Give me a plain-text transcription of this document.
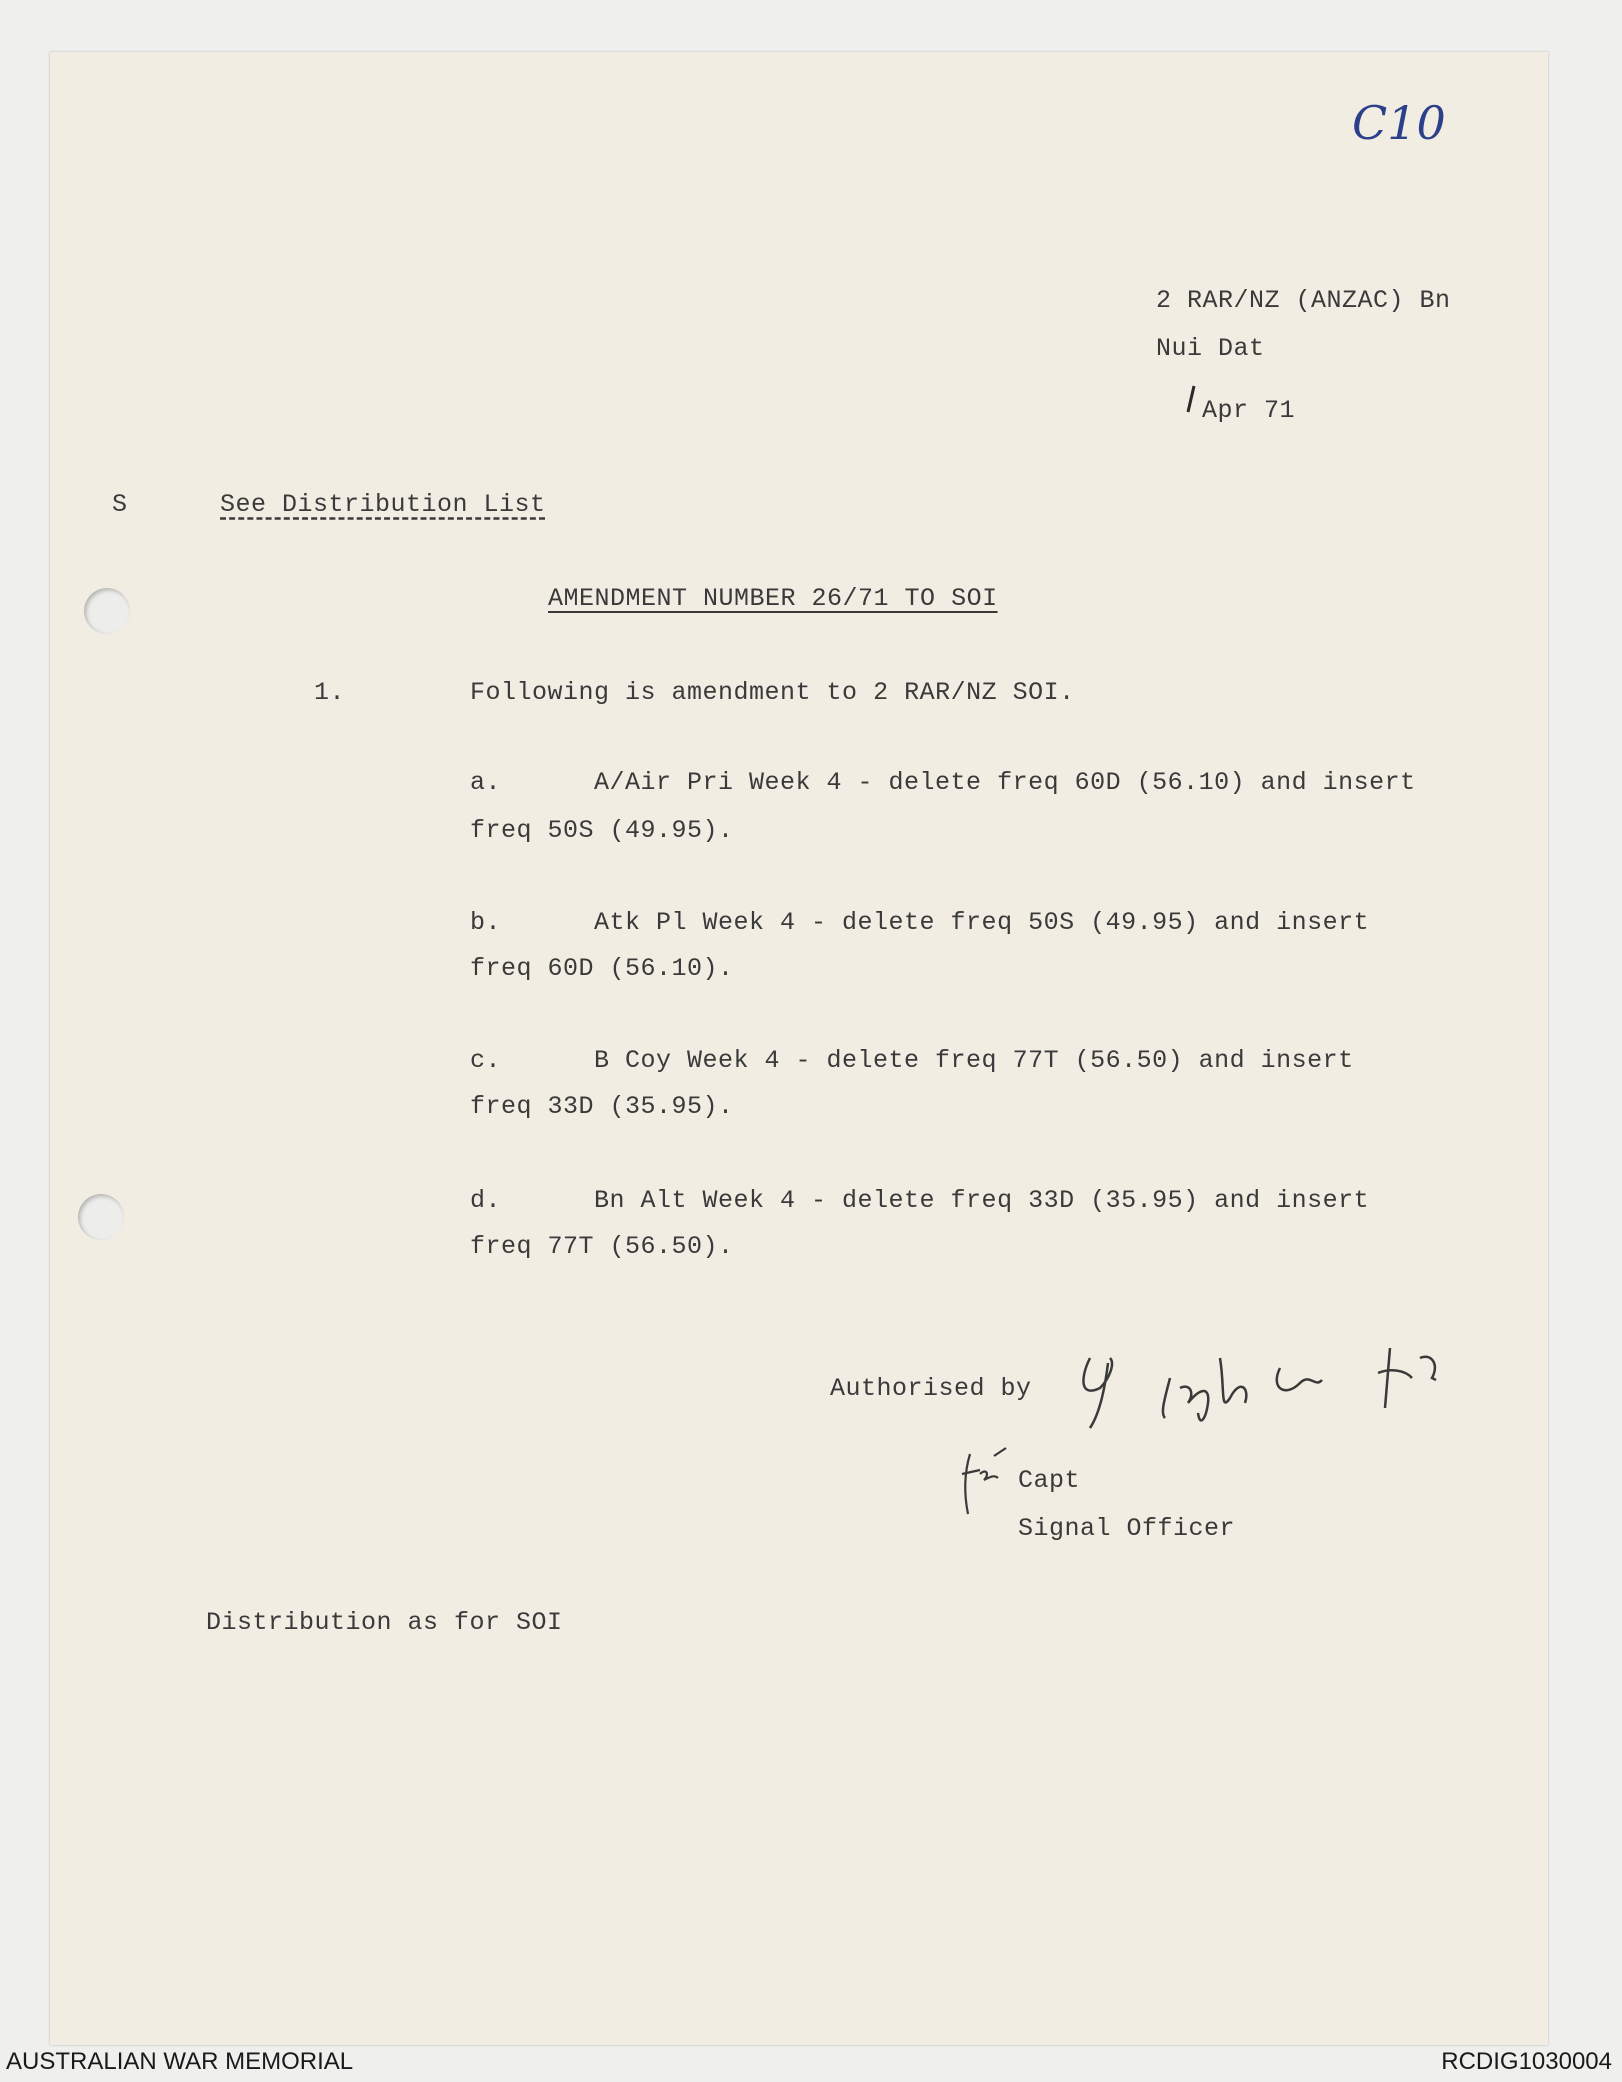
C10
2 RAR/NZ (ANZAC) Bn
Nui Dat
Apr 71
S	See Distribution List
AMENDMENT NUMBER 26/71 TO SOI
1.	Following is amendment to 2 RAR/NZ SOI.
a.	A/Air Pri Week 4 - delete freq 60D (56.10) and insert
freq 50S (49.95).
b.	Atk Pl Week 4 - delete freq 50S (49.95) and insert
freq 60D (56.10).
c.	B Coy Week 4 - delete freq 77T (56.50) and insert
freq 33D (35.95).
d.	Bn Alt Week 4 - delete freq 33D (35.95) and insert
freq 77T (56.50).
Authorised by
Capt
Signal Officer
Distribution as for SOI
AUSTRALIAN WAR MEMORIAL	RCDIG1030004
